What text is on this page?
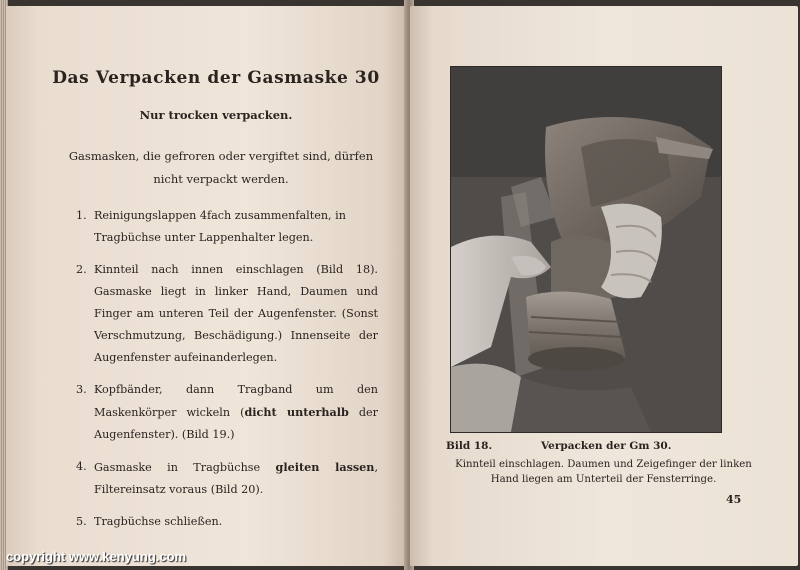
Das Verpacken der Gasmaske 30
Nur trocken verpacken.
Gasmasken, die gefroren oder vergiftet sind, dürfen nicht verpackt werden.
1. Reinigungslappen 4fach zusammenfalten, in Tragbüchse unter Lappenhalter legen.
2. Kinnteil nach innen einschlagen (Bild 18). Gasmaske liegt in linker Hand, Daumen und Finger am unteren Teil der Augenfenster. (Sonst Verschmutzung, Beschädigung.) Innenseite der Augenfenster aufeinanderlegen.
3. Kopfbänder, dann Tragband um den Maskenkörper wickeln (dicht unterhalb der Augenfenster). (Bild 19.)
4. Gasmaske in Tragbüchse gleiten lassen, Filtereinsatz voraus (Bild 20).
5. Tragbüchse schließen.
Bild 18.	Verpacken der Gm 30.
Kinnteil einschlagen. Daumen und Zeigefinger der linken Hand liegen am Unterteil der Fensterringe.
45
copyright www.kenyung.com
